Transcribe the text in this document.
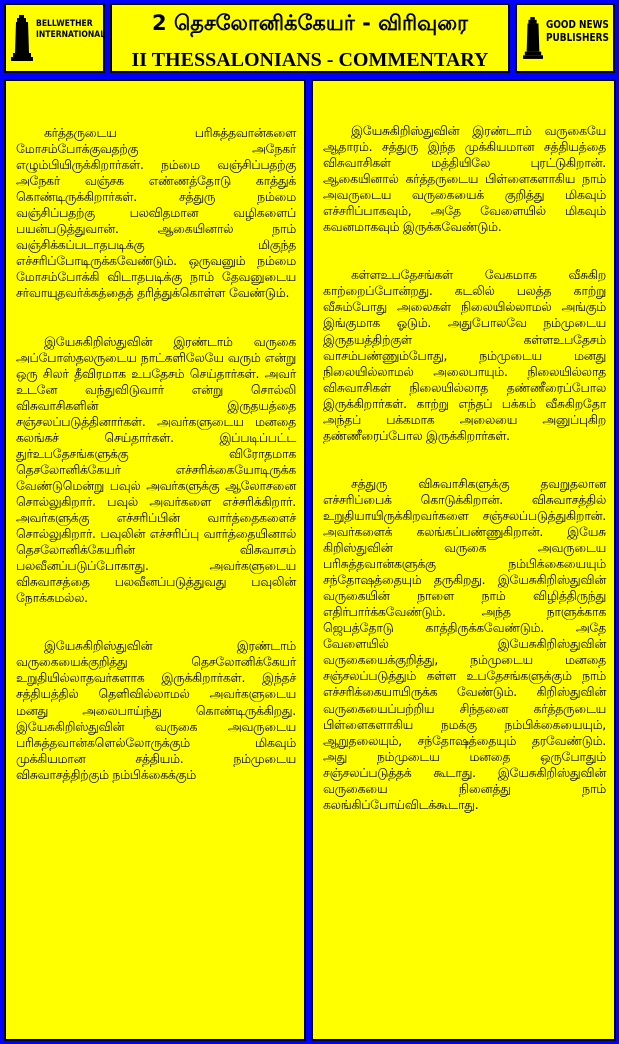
BELLWETHER INTERNATIONAL	2 தெசலோனிக்கேயர் - விரிவுரை
II THESSALONIANS - COMMENTARY
GOOD NEWS PUBLISHERS

கர்த்தருடைய பரிசுத்தவான்களை மோசம்போக்குவதற்கு அநேகர் எழும்பியிருக்கிறார்கள். நம்மை வஞ்சிப்பதற்கு அநேகர் வஞ்சக எண்ணத்தோடு காத்துக் கொண்டிருக்கிறார்கள். சத்துரு நம்மை வஞ்சிப்பதற்கு பலவிதமான வழிகளைப் பயன்படுத்துவான். ஆகையினால் நாம் வஞ்சிக்கப்படாதபடிக்கு மிகுந்த எச்சரிப்போடிருக்கவேண்டும். ஒருவனும் நம்மை மோசம்போக்கி விடாதபடிக்கு நாம் தேவனுடைய சர்வாயுதவர்க்கத்தைத் தரித்துக்கொள்ள வேண்டும்.

இயேசுகிறிஸ்துவின் இரண்டாம் வருகை அப்போஸ்தலருடைய நாட்களிலேயே வரும் என்று ஒரு சிலர் தீவிரமாக உபதேசம் செய்தார்கள். அவர் உடனே வந்துவிடுவார் என்று சொல்லி விசுவாசிகளின் இருதயத்தை சஞ்சலப்படுத்தினார்கள். அவர்களுடைய மனதை கலங்கச் செய்தார்கள். இப்படிப்பட்ட துர்உபதேசங்களுக்கு விரோதமாக தெசலோனிக்கேயர் எச்சரிக்கையோடிருக்க வேண்டுமென்று பவுல் அவர்களுக்கு ஆலோசனை சொல்லுகிறார். பவுல் அவர்களை எச்சரிக்கிறார். அவர்களுக்கு எச்சரிப்பின் வார்த்தைகளைச் சொல்லுகிறார். பவுலின் எச்சரிப்பு வார்த்தையினால் தெசலோனிக்கேயரின் விசுவாசம் பலவீனப்படுப்போகாது. அவர்களுடைய விசுவாசத்தை பலவீனப்படுத்துவது பவுலின் நோக்கமல்ல.

இயேசுகிறிஸ்துவின் இரண்டாம் வருகையைக்குறித்து தெசலோனிக்கேயர் உறுதியில்லாதவர்களாக இருக்கிறார்கள். இந்தச் சத்தியத்தில் தெளிவில்லாமல் அவர்களுடைய மனது அலைபாய்ந்து கொண்டிருக்கிறது. இயேசுகிறிஸ்துவின் வருகை அவருடைய பரிசுத்தவான்களெல்லோருக்கும் மிகவும் முக்கியமான சத்தியம். நம்முடைய விசுவாசத்திற்கும் நம்பிக்கைக்கும்

இயேசுகிறிஸ்துவின் இரண்டாம் வருகையே ஆதாரம். சத்துரு இந்த முக்கியமான சத்தியத்தை விசுவாசிகள் மத்தியிலே புரட்டுகிறான். ஆகையினால் கர்த்தருடைய பிள்ளைகளாகிய நாம் அவருடைய வருகையைக் குறித்து மிகவும் எச்சரிப்பாகவும், அதே வேளையில் மிகவும் கவனமாகவும் இருக்கவேண்டும்.

கள்ளஉபதேசங்கள் வேகமாக வீசுகிற காற்றைப்போன்றது. கடலில் பலத்த காற்று வீசும்போது அலைகள் நிலையில்லாமல் அங்கும் இங்குமாக ஓடும். அதுபோலவே நம்முடைய இருதயத்திற்குள் கள்ளஉபதேசம் வாசம்பண்ணும்போது, நம்முடைய மனது நிலையில்லாமல் அலைபாயும். நிலையில்லாத விசுவாசிகள் நிலையில்லாத தண்ணீரைப்போல இருக்கிறார்கள். காற்று எந்தப் பக்கம் வீசுகிறதோ அந்தப் பக்கமாக அலையை அனுப்புகிற தண்ணீரைப்போல இருக்கிறார்கள்.

சத்துரு விசுவாசிகளுக்கு தவறுதலான எச்சரிப்பைக் கொடுக்கிறான். விசுவாசத்தில் உறுதியாயிருக்கிறவர்களை சஞ்சலப்படுத்துகிறான். அவர்களைக் கலங்கப்பண்ணுகிறான். இயேசு கிறிஸ்துவின் வருகை அவருடைய பரிசுத்தவான்களுக்கு நம்பிக்கையையும் சந்தோஷத்தையும் தருகிறது. இயேசுகிறிஸ்துவின் வருகையின் நாளை நாம் விழித்திருந்து எதிர்பார்க்கவேண்டும். அந்த நாளுக்காக ஜெபத்தோடு காத்திருக்கவேண்டும். அதே வேளையில் இயேசுகிறிஸ்துவின் வருகையைக்குறித்து, நம்முடைய மனதை சஞ்சலப்படுத்தும் கள்ள உபதேசங்களுக்கும் நாம் எச்சரிக்கையாயிருக்க வேண்டும். கிறிஸ்துவின் வருகையைப்பற்றிய சிந்தனை கர்த்தருடைய பிள்ளைகளாகிய நமக்கு நம்பிக்கையையும், ஆறுதலையும், சந்தோஷத்தையும் தரவேண்டும். அது நம்முடைய மனதை ஒருபோதும் சஞ்சலப்படுத்தக் கூடாது. இயேசுகிறிஸ்துவின் வருகையை நினைத்து நாம் கலங்கிப்போய்விடக்கூடாது.
